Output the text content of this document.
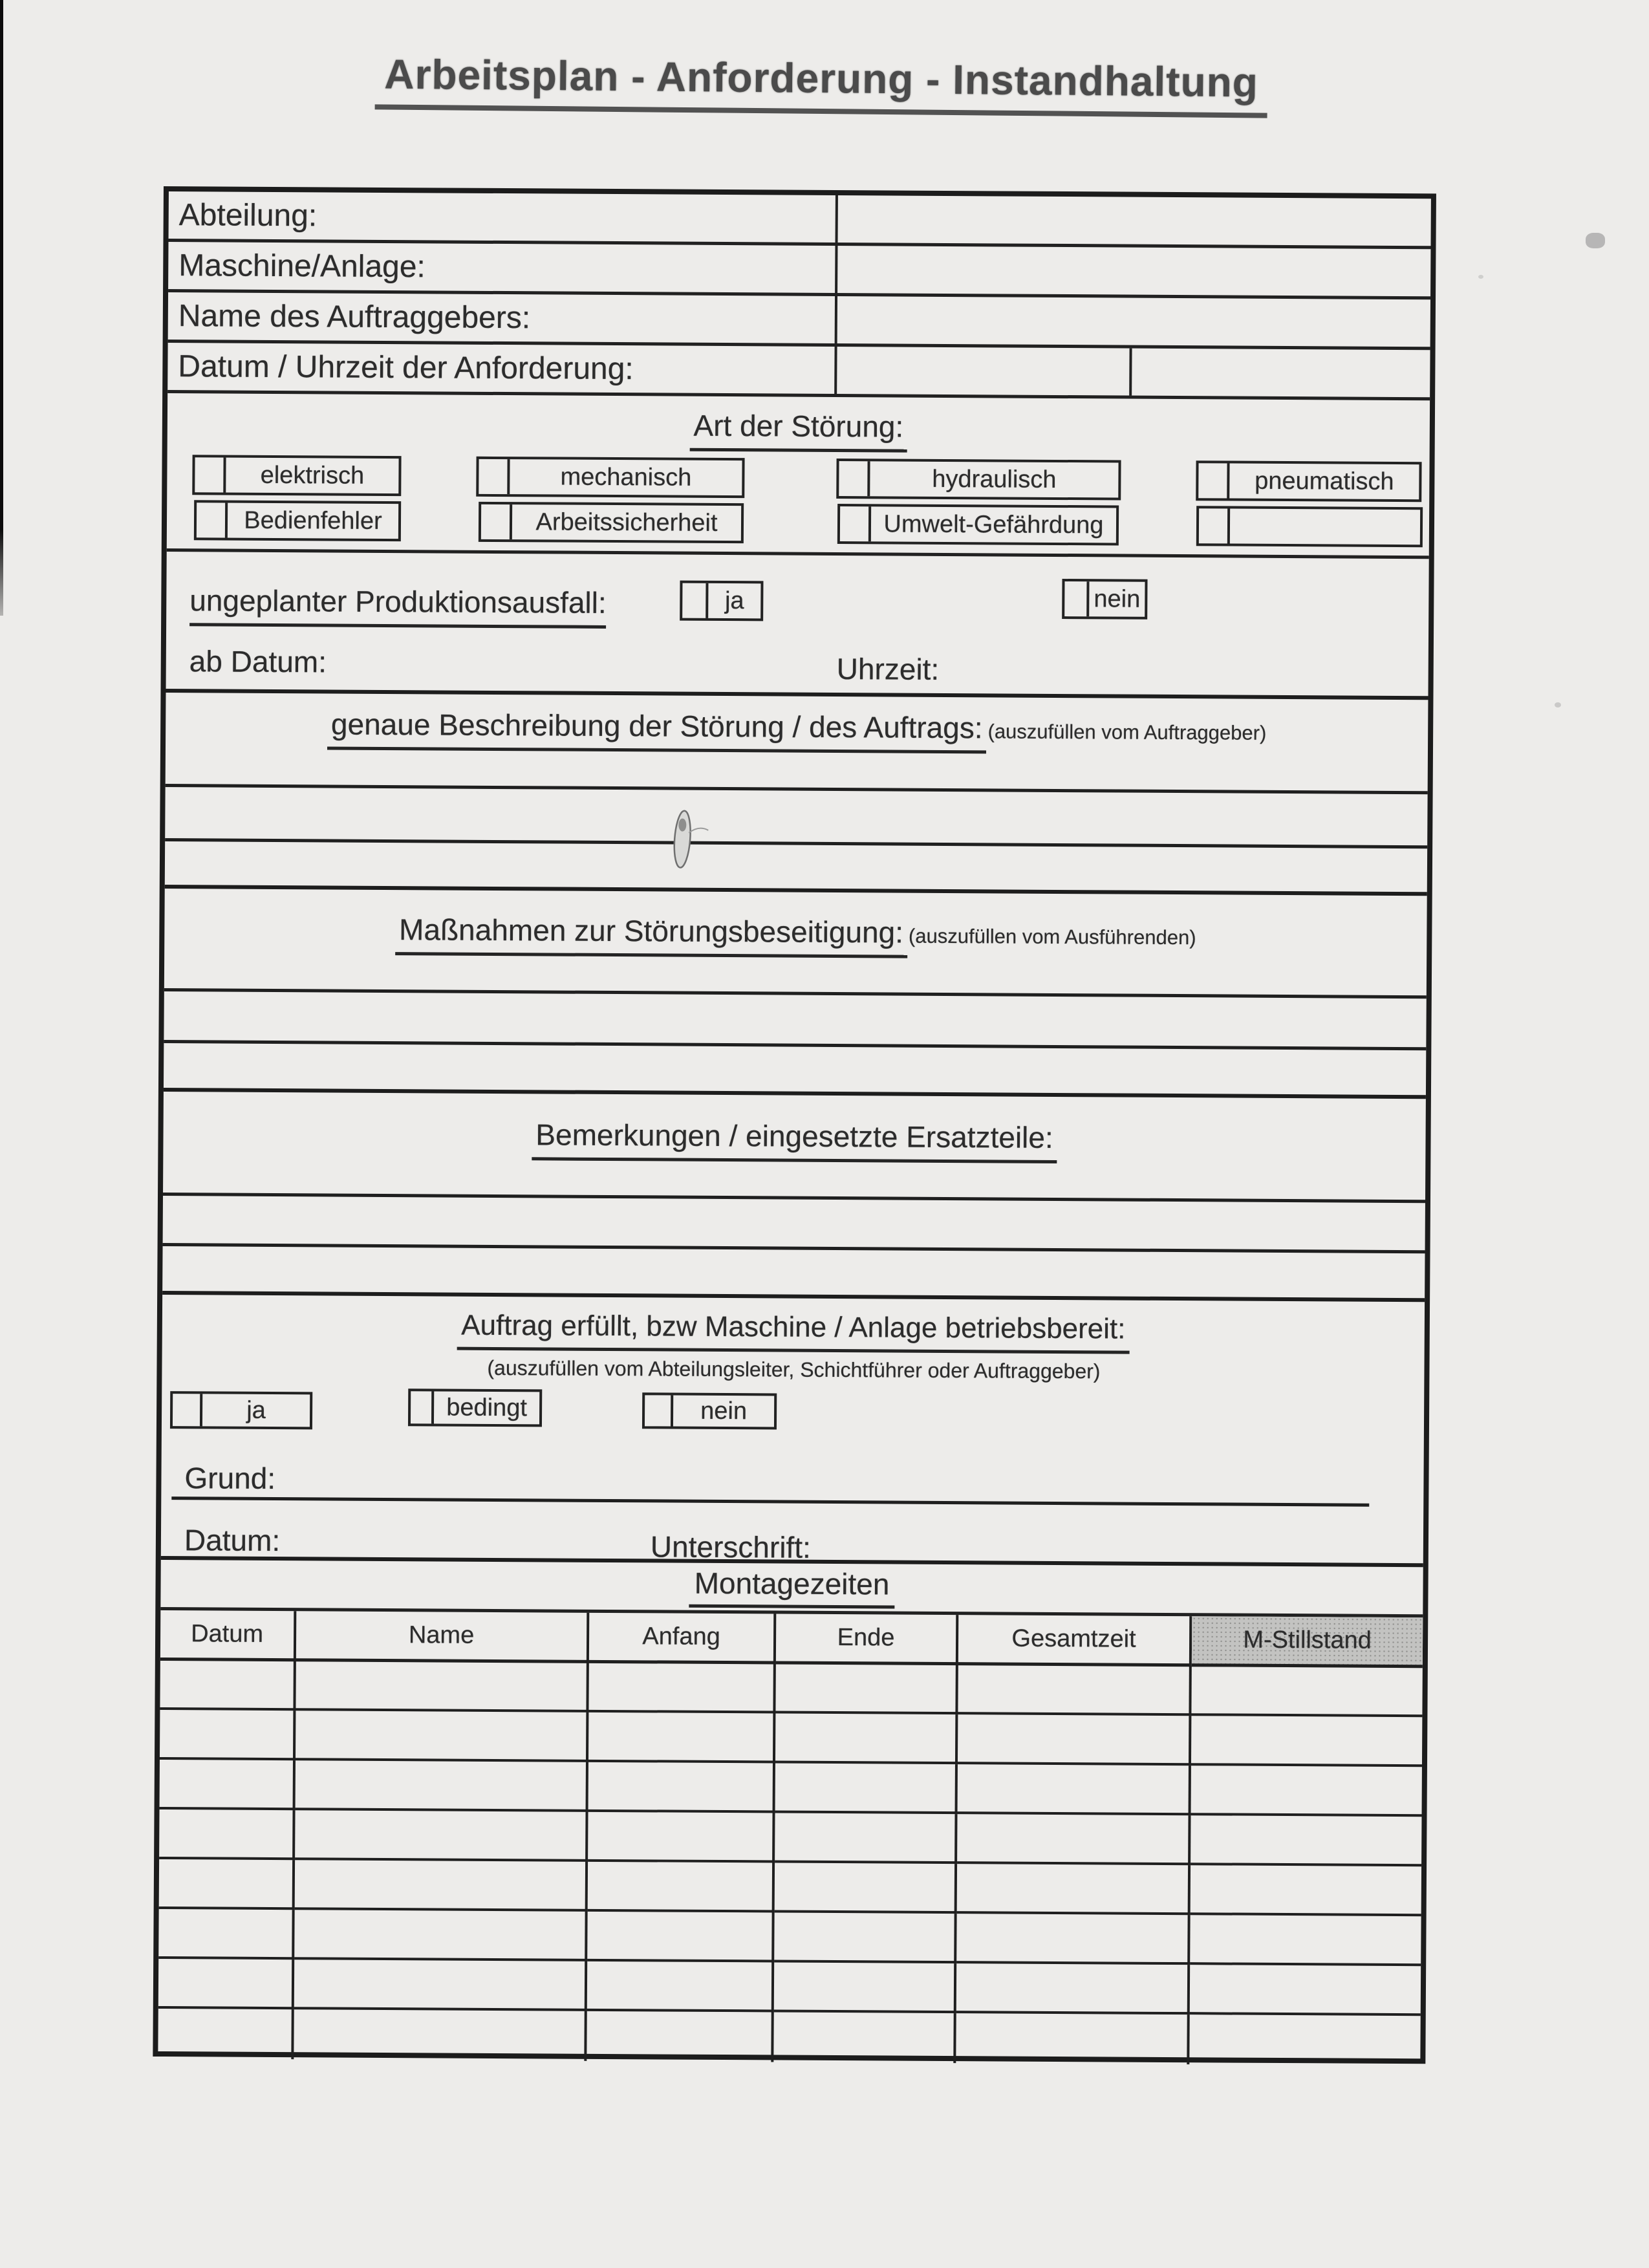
Arbeitsplan - Anforderung - Instandhaltung
Abteilung:
Maschine/Anlage:
Name des Auftraggebers:
Datum / Uhrzeit der Anforderung:
Art der Störung:
elektrisch	mechanisch	hydraulisch	pneumatisch
Bedienfehler	Arbeitssicherheit	Umwelt-Gefährdung
ungeplanter Produktionsausfall:	ja	nein
ab Datum:	Uhrzeit:
genaue Beschreibung der Störung / des Auftrags: (auszufüllen vom Auftraggeber)
Maßnahmen zur Störungsbeseitigung: (auszufüllen vom Ausführenden)
Bemerkungen / eingesetzte Ersatzteile:
Auftrag erfüllt, bzw Maschine / Anlage betriebsbereit:
(auszufüllen vom Abteilungsleiter, Schichtführer oder Auftraggeber)
ja	bedingt	nein
Grund:
Datum:	Unterschrift:
Montagezeiten
Datum	Name	Anfang	Ende	Gesamtzeit	M-Stillstand
